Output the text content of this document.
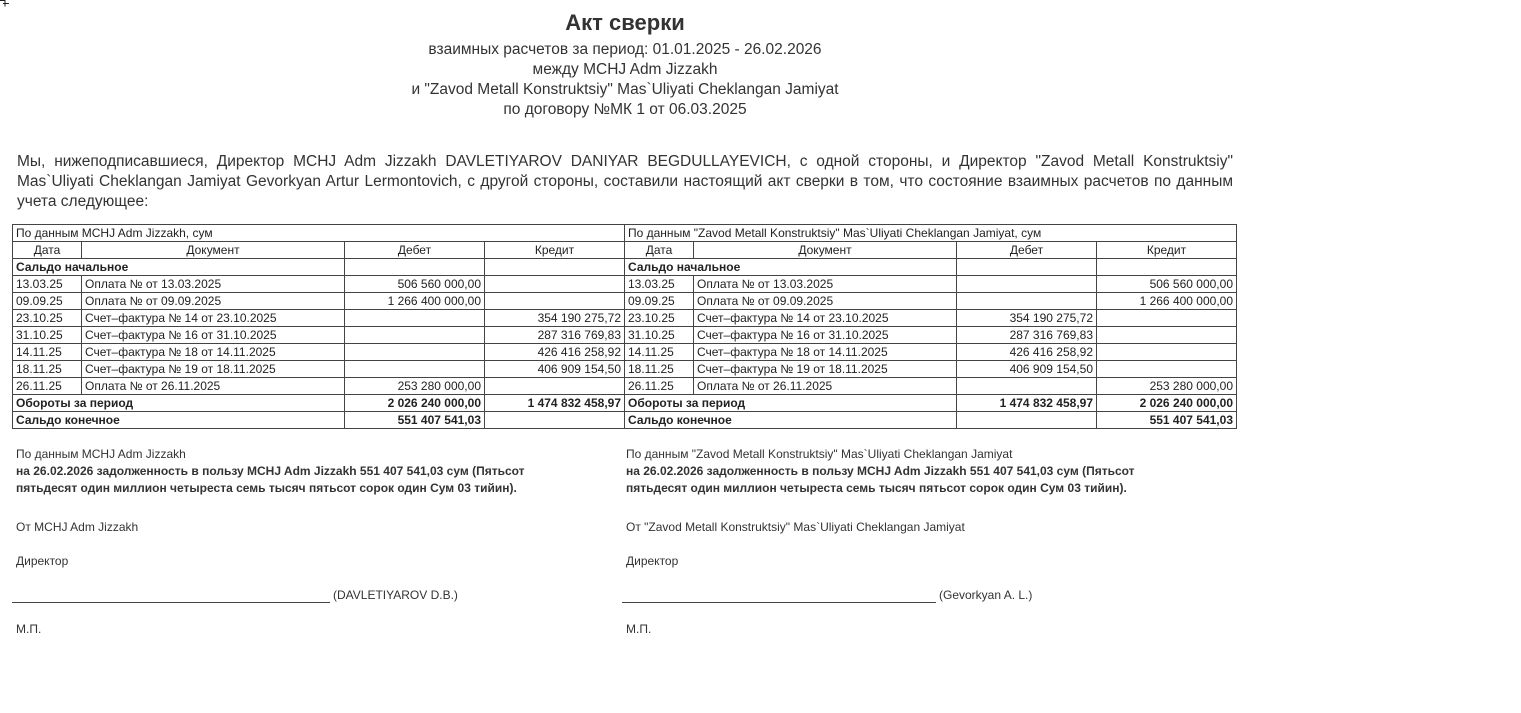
Акт сверки
взаимных расчетов за период: 01.01.2025 - 26.02.2026
между MCHJ Adm Jizzakh
и "Zavod Metall Konstruktsiy" Mas`Uliyati Cheklangan Jamiyat
по договору №МК 1 от 06.03.2025
Мы, нижеподписавшиеся, Директор MCHJ Adm Jizzakh DAVLETIYAROV DANIYAR BEGDULLAYEVICH, с одной стороны, и Директор "Zavod Metall Konstruktsiy" Mas`Uliyati Cheklangan Jamiyat Gevorkyan Artur Lermontovich, с другой стороны, составили настоящий акт сверки в том, что состояние взаимных расчетов по данным учета следующее:
По данным MCHJ Adm Jizzakh, сум				По данным "Zavod Metall Konstruktsiy" Mas`Uliyati Cheklangan Jamiyat, сум			
Дата	Документ	Дебет	Кредит	Дата	Документ	Дебет	Кредит
Сальдо начальное				Сальдо начальное			
13.03.25	Оплата № от 13.03.2025	506 560 000,00		13.03.25	Оплата № от 13.03.2025		506 560 000,00
09.09.25	Оплата № от 09.09.2025	1 266 400 000,00		09.09.25	Оплата № от 09.09.2025		1 266 400 000,00
23.10.25	Счет–фактура № 14 от 23.10.2025		354 190 275,72	23.10.25	Счет–фактура № 14 от 23.10.2025	354 190 275,72	
31.10.25	Счет–фактура № 16 от 31.10.2025		287 316 769,83	31.10.25	Счет–фактура № 16 от 31.10.2025	287 316 769,83	
14.11.25	Счет–фактура № 18 от 14.11.2025		426 416 258,92	14.11.25	Счет–фактура № 18 от 14.11.2025	426 416 258,92	
18.11.25	Счет–фактура № 19 от 18.11.2025		406 909 154,50	18.11.25	Счет–фактура № 19 от 18.11.2025	406 909 154,50	
26.11.25	Оплата № от 26.11.2025	253 280 000,00		26.11.25	Оплата № от 26.11.2025		253 280 000,00
Обороты за период		2 026 240 000,00	1 474 832 458,97	Обороты за период		1 474 832 458,97	2 026 240 000,00
Сальдо конечное		551 407 541,03		Сальдо конечное			551 407 541,03
По данным MCHJ Adm Jizzakh
на 26.02.2026 задолженность в пользу MCHJ Adm Jizzakh 551 407 541,03 сум (Пятьсот
пятьдесят один миллион четыреста семь тысяч пятьсот сорок один Сум 03 тийин).
По данным "Zavod Metall Konstruktsiy" Mas`Uliyati Cheklangan Jamiyat
на 26.02.2026 задолженность в пользу MCHJ Adm Jizzakh 551 407 541,03 сум (Пятьсот
пятьдесят один миллион четыреста семь тысяч пятьсот сорок один Сум 03 тийин).
От MCHJ Adm Jizzakh
Директор
(DAVLETIYAROV D.B.)
М.П.
От "Zavod Metall Konstruktsiy" Mas`Uliyati Cheklangan Jamiyat
Директор
(Gevorkyan A. L.)
М.П.
